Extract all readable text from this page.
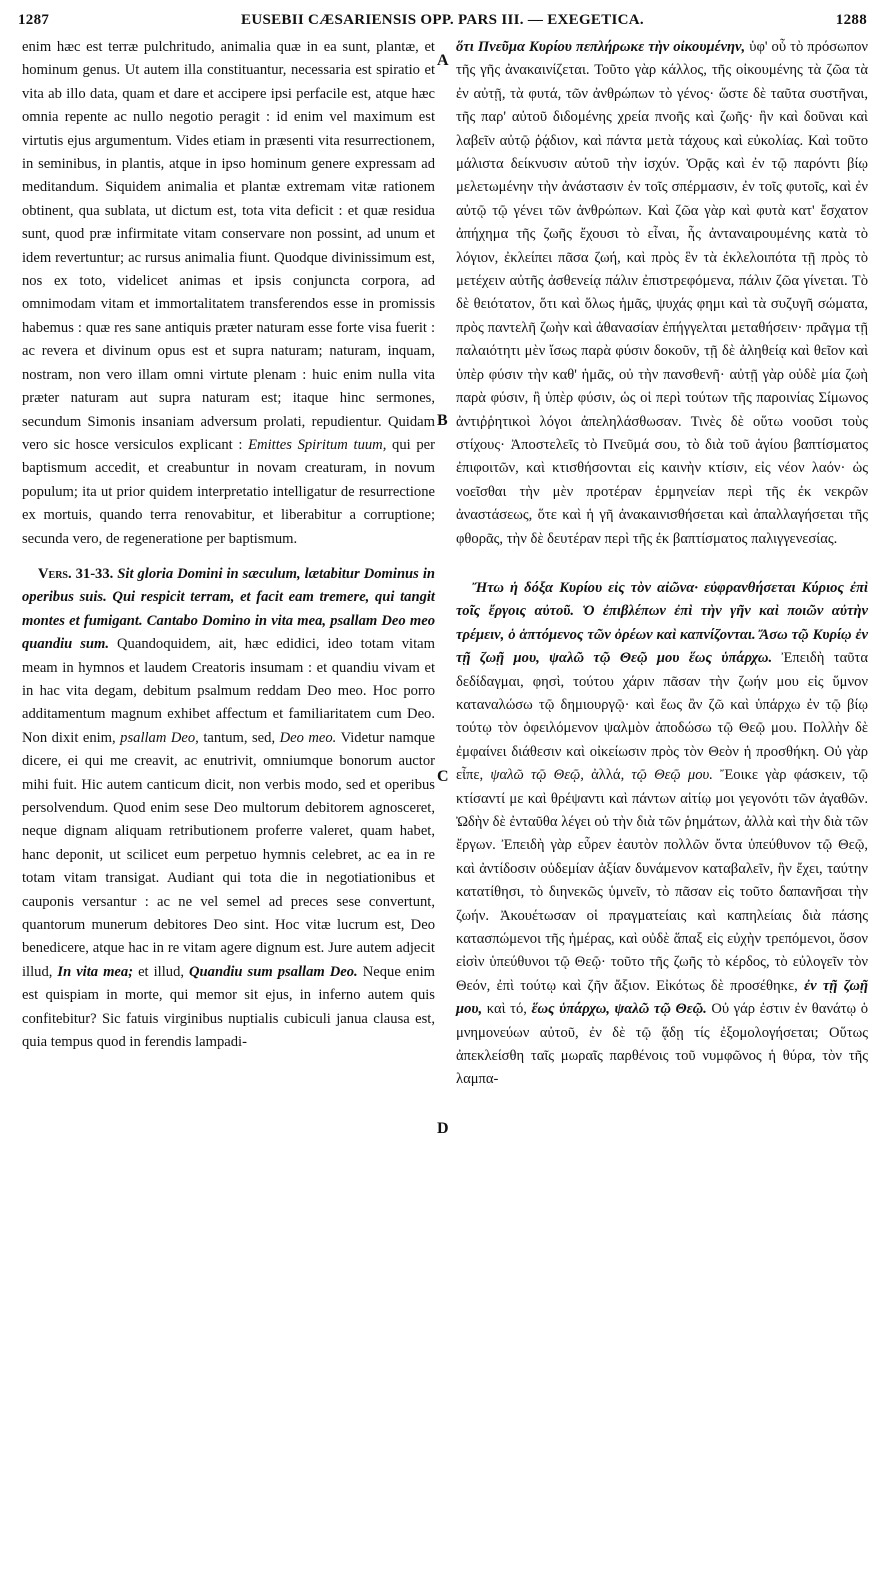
1287	EUSEBII CÆSARIENSIS OPP. PARS III. — EXEGETICA.	1288
A
B
C
D

enim hæc est terræ pulchritudo, animalia quæ in ea sunt, plantæ, et hominum genus. Ut autem illa constituantur, necessaria est spiratio et vita ab illo data, quam et dare et accipere ipsi perfacile est, atque hæc omnia repente ac nullo negotio peragit : id enim vel maximum est virtutis ejus argumentum. Vides etiam in præsenti vita resurrectionem, in seminibus, in plantis, atque in ipso hominum genere expressam ad meditandum. Siquidem animalia et plantæ extremam vitæ rationem obtinent, qua sublata, ut dictum est, tota vita deficit : et quæ residua sunt, quod præ infirmitate vitam conservare non possint, ad unum et idem revertuntur; ac rursus animalia fiunt. Quodque divinissimum est, nos ex toto, videlicet animas et ipsis conjuncta corpora, ad omnimodam vitam et immortalitatem transferendos esse in promissis habemus : quæ res sane antiquis præter naturam esse forte visa fuerit : ac revera et divinum opus est et supra naturam; naturam, inquam, nostram, non vero illam omni virtute plenam : huic enim nulla vita præter naturam aut supra naturam est; itaque hinc sermones, secundum Simonis insaniam adversum prolati, repudientur. Quidam vero sic hosce versiculos explicant : Emittes Spiritum tuum, qui per baptismum accedit, et creabuntur in novam creaturam, in novum populum; ita ut prior quidem interpretatio intelligatur de resurrectione ex mortuis, quando terra renovabitur, et liberabitur a corruptione; secunda vero, de regeneratione per baptismum.

Vers. 31-33. Sit gloria Domini in sæculum, lætabitur Dominus in operibus suis. Qui respicit terram, et facit eam tremere, qui tangit montes et fumigant. Cantabo Domino in vita mea, psallam Deo meo quandiu sum. Quandoquidem, ait, hæc edidici, ideo totam vitam meam in hymnos et laudem Creatoris insumam : et quandiu vivam et in hac vita degam, debitum psalmum reddam Deo meo. Hoc porro additamentum magnum exhibet affectum et familiaritatem cum Deo. Non dixit enim, psallam Deo, tantum, sed, Deo meo. Videtur namque dicere, ei qui me creavit, ac enutrivit, omniumque bonorum auctor mihi fuit. Hic autem canticum dicit, non verbis modo, sed et operibus persolvendum. Quod enim sese Deo multorum debitorem agnosceret, neque dignam aliquam retributionem proferre valeret, quam habet, hanc deponit, ut scilicet eum perpetuo hymnis celebret, ac ea in re totam vitam transigat. Audiant qui tota die in negotiationibus et cauponis versantur : ac ne vel semel ad preces sese convertunt, quantorum munerum debitores Deo sint. Hoc vitæ lucrum est, Deo benedicere, atque hac in re vitam agere dignum est. Jure autem adjecit illud, In vita mea; et illud, Quandiu sum psallam Deo. Neque enim est quispiam in morte, qui memor sit ejus, in inferno autem quis confitebitur? Sic fatuis virginibus nuptialis cubiculi janua clausa est, quia tempus quod in ferendis lampadi-

ὅτι Πνεῦμα Κυρίου πεπλήρωκε τὴν οἰκουμένην, ὑφ' οὗ τὸ πρόσωπον τῆς γῆς ἀνακαινίζεται. Τοῦτο γὰρ κάλλος, τῆς οἰκουμένης τὰ ζῶα τὰ ἐν αὐτῇ, τὰ φυτά, τῶν ἀνθρώπων τὸ γένος· ὥστε δὲ ταῦτα συστῆναι, τῆς παρ' αὐτοῦ διδομένης χρεία πνοῆς καὶ ζωῆς· ἣν καὶ δοῦναι καὶ λαβεῖν αὐτῷ ῥᾴδιον, καὶ πάντα μετὰ τάχους καὶ εὐκολίας. Καὶ τοῦτο μάλιστα δείκνυσιν αὐτοῦ τὴν ἰσχύν. Ὁρᾷς καὶ ἐν τῷ παρόντι βίῳ μελετωμένην τὴν ἀνάστασιν ἐν τοῖς σπέρμασιν, ἐν τοῖς φυτοῖς, καὶ ἐν αὐτῷ τῷ γένει τῶν ἀνθρώπων. Καὶ ζῶα γὰρ καὶ φυτὰ κατ' ἔσχατον ἀπήχημα τῆς ζωῆς ἔχουσι τὸ εἶναι, ἧς ἀνταναιρουμένης κατὰ τὸ λόγιον, ἐκλείπει πᾶσα ζωή, καὶ πρὸς ἓν τὰ ἐκλελοιπότα τῇ πρὸς τὸ μετέχειν αὐτῆς ἀσθενείᾳ πάλιν ἐπιστρεφόμενα, πάλιν ζῶα γίνεται. Τὸ δὲ θειότατον, ὅτι καὶ ὅλως ἡμᾶς, ψυχάς φημι καὶ τὰ συζυγῆ σώματα, πρὸς παντελῆ ζωὴν καὶ ἀθανασίαν ἐπήγγελται μεταθήσειν· πρᾶγμα τῇ παλαιότητι μὲν ἴσως παρὰ φύσιν δοκοῦν, τῇ δὲ ἀληθείᾳ καὶ θεῖον καὶ ὑπὲρ φύσιν τὴν καθ' ἡμᾶς, οὐ τὴν πανσθενῆ· αὐτῇ γὰρ οὐδὲ μία ζωὴ παρὰ φύσιν, ἢ ὑπὲρ φύσιν, ὡς οἱ περὶ τούτων τῆς παροινίας Σίμωνος ἀντιῤῥητικοὶ λόγοι ἀπεληλάσθωσαν. Τινὲς δὲ οὕτω νοοῦσι τοὺς στίχους· Ἀποστελεῖς τὸ Πνεῦμά σου, τὸ διὰ τοῦ ἁγίου βαπτίσματος ἐπιφοιτῶν, καὶ κτισθήσονται εἰς καινὴν κτίσιν, εἰς νέον λαόν· ὡς νοεῖσθαι τὴν μὲν προτέραν ἑρμηνείαν περὶ τῆς ἐκ νεκρῶν ἀναστάσεως, ὅτε καὶ ἡ γῆ ἀνακαινισθήσεται καὶ ἀπαλλαγήσεται τῆς φθορᾶς, τὴν δὲ δευτέραν περὶ τῆς ἐκ βαπτίσματος παλιγγενεσίας.

Ἤτω ἡ δόξα Κυρίου εἰς τὸν αἰῶνα· εὐφρανθήσεται Κύριος ἐπὶ τοῖς ἔργοις αὐτοῦ. Ὁ ἐπιβλέπων ἐπὶ τὴν γῆν καὶ ποιῶν αὐτὴν τρέμειν, ὁ ἁπτόμενος τῶν ὀρέων καὶ καπνίζονται. Ἄσω τῷ Κυρίῳ ἐν τῇ ζωῇ μου, ψαλῶ τῷ Θεῷ μου ἕως ὑπάρχω. Ἐπειδὴ ταῦτα δεδίδαγμαι, φησὶ, τούτου χάριν πᾶσαν τὴν ζωήν μου εἰς ὕμνον καταναλώσω τῷ δημιουργῷ· καὶ ἕως ἂν ζῶ καὶ ὑπάρχω ἐν τῷ βίῳ τούτῳ τὸν ὀφειλόμενον ψαλμὸν ἀποδώσω τῷ Θεῷ μου. Πολλὴν δὲ ἐμφαίνει διάθεσιν καὶ οἰκείωσιν πρὸς τὸν Θεὸν ἡ προσθήκη. Οὐ γὰρ εἶπε, ψαλῶ τῷ Θεῷ, ἀλλά, τῷ Θεῷ μου. Ἔοικε γὰρ φάσκειν, τῷ κτίσαντί με καὶ θρέψαντι καὶ πάντων αἰτίῳ μοι γεγονότι τῶν ἀγαθῶν. Ὠδὴν δὲ ἐνταῦθα λέγει οὐ τὴν διὰ τῶν ῥημάτων, ἀλλὰ καὶ τὴν διὰ τῶν ἔργων. Ἐπειδὴ γὰρ εὗρεν ἑαυτὸν πολλῶν ὄντα ὑπεύθυνον τῷ Θεῷ, καὶ ἀντίδοσιν οὐδεμίαν ἀξίαν δυνάμενον καταβαλεῖν, ἣν ἔχει, ταύτην κατατίθησι, τὸ διηνεκῶς ὑμνεῖν, τὸ πᾶσαν εἰς τοῦτο δαπανῆσαι τὴν ζωήν. Ἀκουέτωσαν οἱ πραγματείαις καὶ καπηλείαις διὰ πάσης κατασπώμενοι τῆς ἡμέρας, καὶ οὐδὲ ἅπαξ εἰς εὐχὴν τρεπόμενοι, ὅσον εἰσὶν ὑπεύθυνοι τῷ Θεῷ· τοῦτο τῆς ζωῆς τὸ κέρδος, τὸ εὐλογεῖν τὸν Θεόν, ἐπὶ τούτῳ καὶ ζῆν ἄξιον. Εἰκότως δὲ προσέθηκε, ἐν τῇ ζωῇ μου, καὶ τό, ἕως ὑπάρχω, ψαλῶ τῷ Θεῷ. Οὐ γάρ ἐστιν ἐν θανάτῳ ὁ μνημονεύων αὐτοῦ, ἐν δὲ τῷ ᾅδῃ τίς ἐξομολογήσεται; Οὕτως ἀπεκλείσθη ταῖς μωραῖς παρθένοις τοῦ νυμφῶνος ἡ θύρα, τὸν τῆς λαμπα-
